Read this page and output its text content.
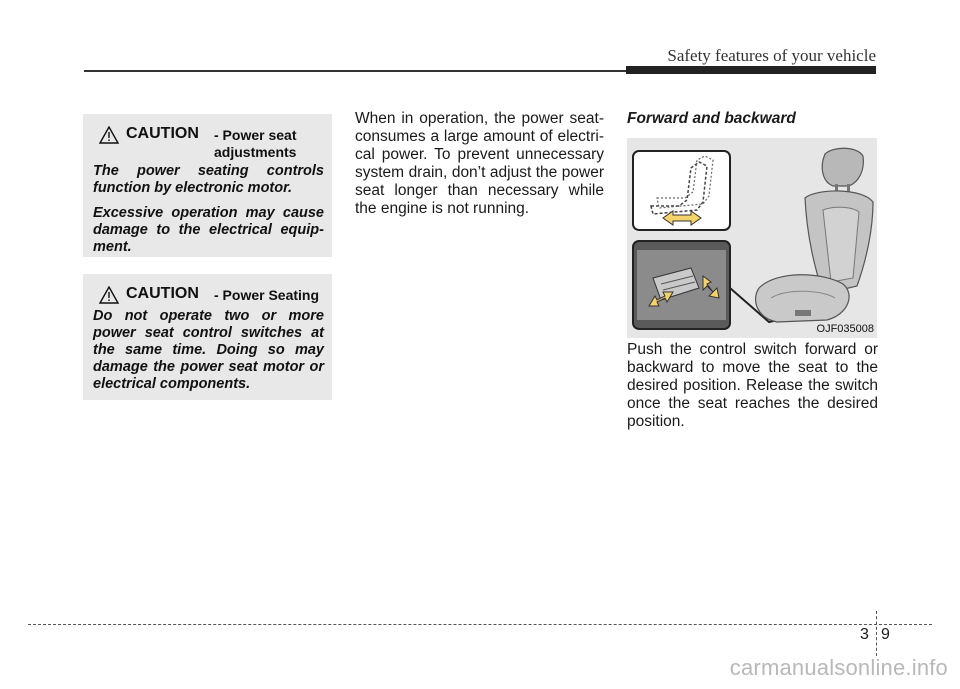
Safety features of your vehicle
CAUTION - Power seat
adjustments

The power seating controls function by electronic motor.

Excessive operation may cause damage to the electrical equip-ment.

CAUTION - Power Seating

Do not operate two or more power seat control switches at the same time. Doing so may damage the power seat motor or electrical components.

When in operation, the power seat-consumes a large amount of electri-cal power. To prevent unnecessary system drain, don’t adjust the power seat longer than necessary while the engine is not running.

Forward and backward
OJF035008

Push the control switch forward or backward to move the seat to the desired position. Release the switch once the seat reaches the desired position.

3 9
carmanualsonline.info
